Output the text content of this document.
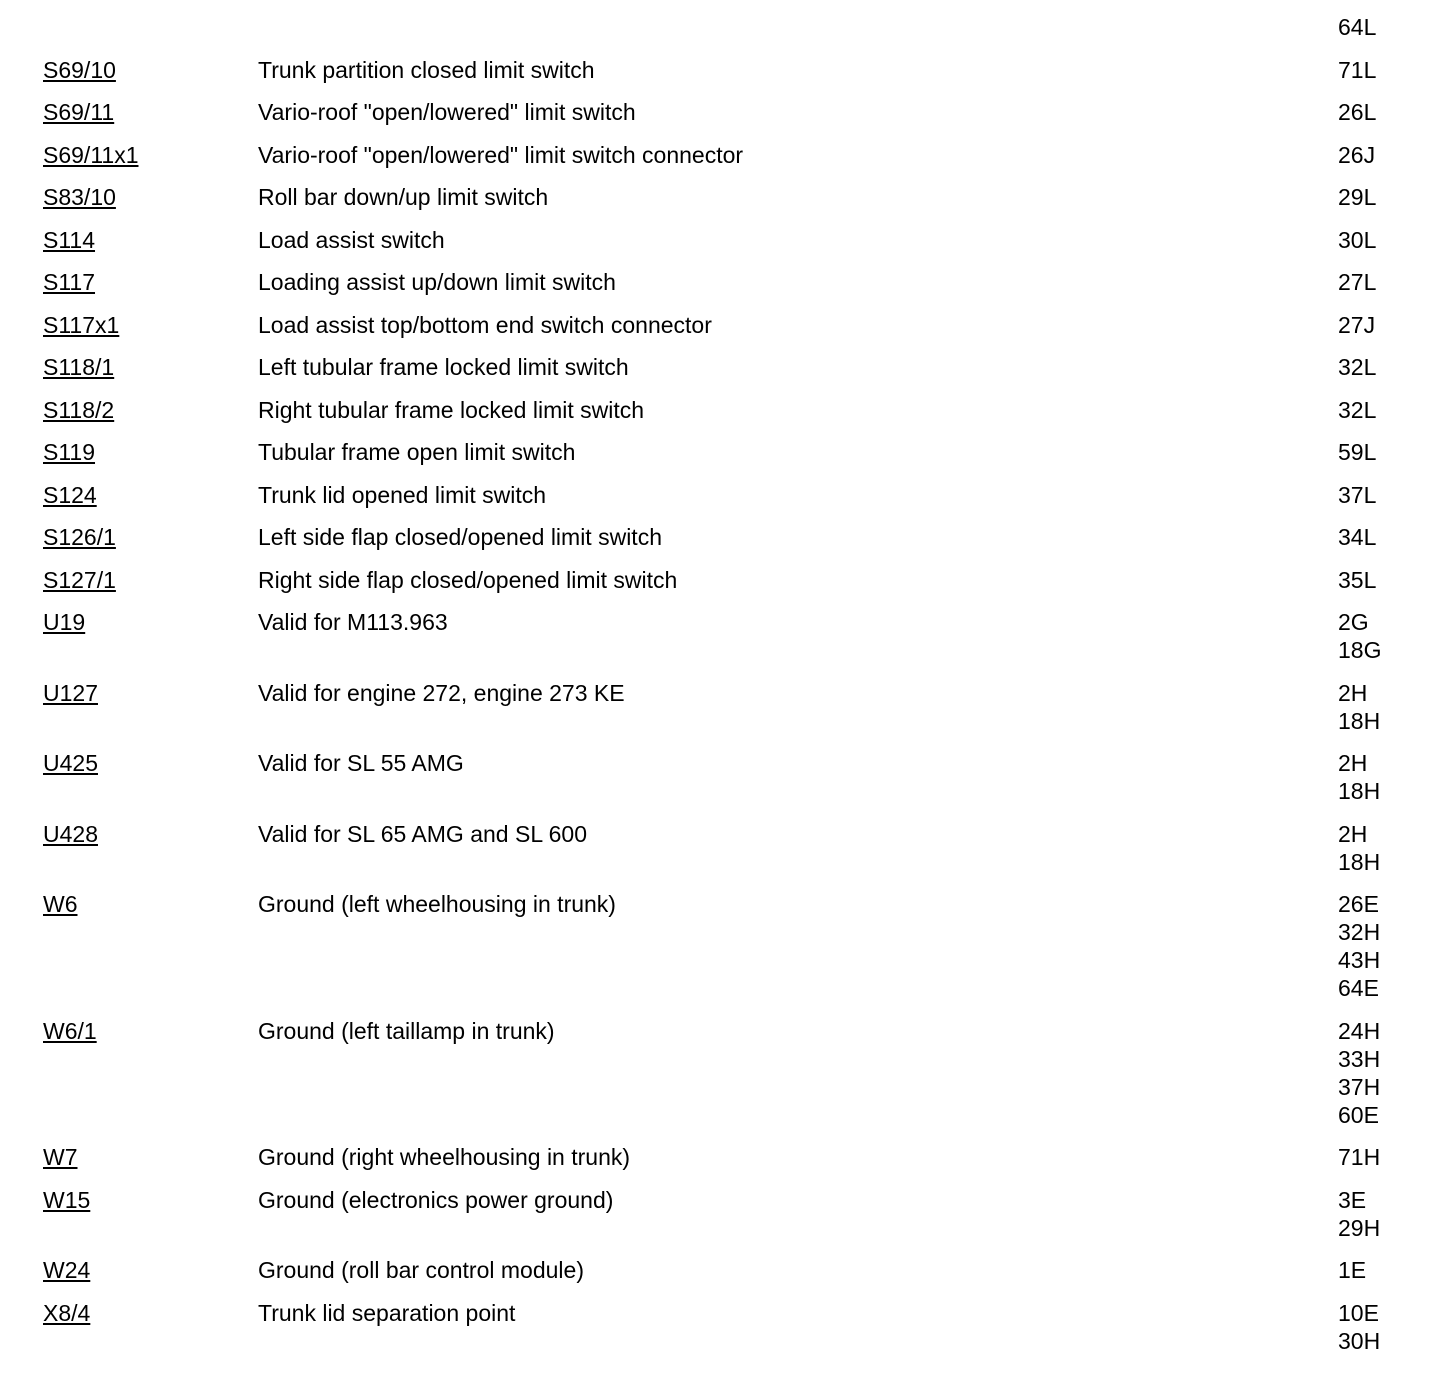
64L
S69/10	Trunk partition closed limit switch	71L
S69/11	Vario-roof "open/lowered" limit switch	26L
S69/11x1	Vario-roof "open/lowered" limit switch connector	26J
S83/10	Roll bar down/up limit switch	29L
S114	Load assist switch	30L
S117	Loading assist up/down limit switch	27L
S117x1	Load assist top/bottom end switch connector	27J
S118/1	Left tubular frame locked limit switch	32L
S118/2	Right tubular frame locked limit switch	32L
S119	Tubular frame open limit switch	59L
S124	Trunk lid opened limit switch	37L
S126/1	Left side flap closed/opened limit switch	34L
S127/1	Right side flap closed/opened limit switch	35L
U19	Valid for M113.963	2G
18G
U127	Valid for engine 272, engine 273 KE	2H
18H
U425	Valid for SL 55 AMG	2H
18H
U428	Valid for SL 65 AMG and SL 600	2H
18H
W6	Ground (left wheelhousing in trunk)	26E
32H
43H
64E
W6/1	Ground (left taillamp in trunk)	24H
33H
37H
60E
W7	Ground (right wheelhousing in trunk)	71H
W15	Ground (electronics power ground)	3E
29H
W24	Ground (roll bar control module)	1E
X8/4	Trunk lid separation point	10E
30H
